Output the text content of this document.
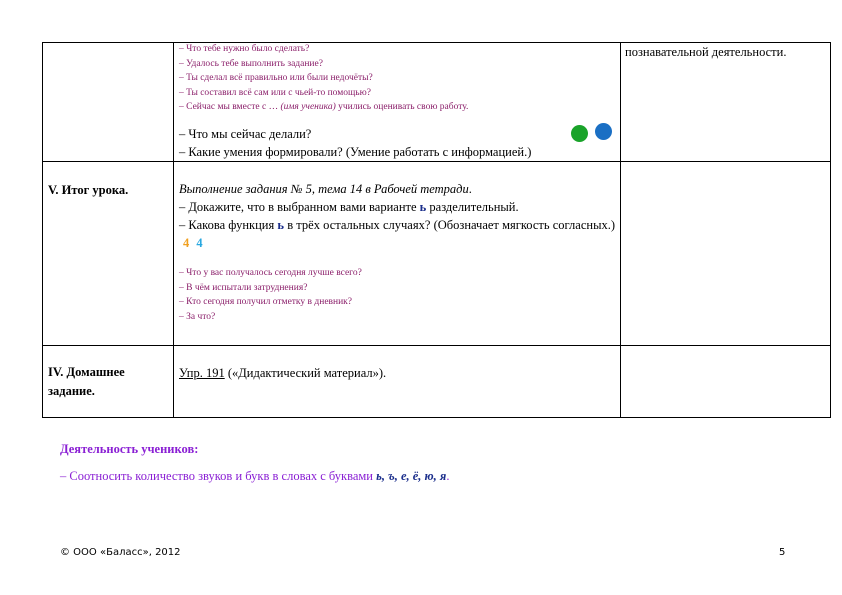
– Что тебе нужно было сделать?
– Удалось тебе выполнить задание?
– Ты сделал всё правильно или были недочёты?
– Ты составил всё сам или с чьей-то помощью?
– Сейчас мы вместе с … (имя ученика) учились оценивать свою работу.
– Что мы сейчас делали?
– Какие умения формировали? (Умение работать с информацией.)
познавательной деятельности.
V. Итог урока.	Выполнение задания № 5, тема 14 в Рабочей тетради.
– Докажите, что в выбранном вами варианте ь разделительный.
– Какова функция ь в трёх остальных случаях? (Обозначает мягкость согласных.) 4 4
– Что у вас получалось сегодня лучше всего?
– В чём испытали затруднения?
– Кто сегодня получил отметку в дневник?
– За что?
IV. Домашнее задание.
Упр. 191 («Дидактический материал»).
Деятельность учеников:
– Соотносить количество звуков и букв в словах с буквами ь, ъ, е, ё, ю, я.
© ООО «Баласс», 2012	5
